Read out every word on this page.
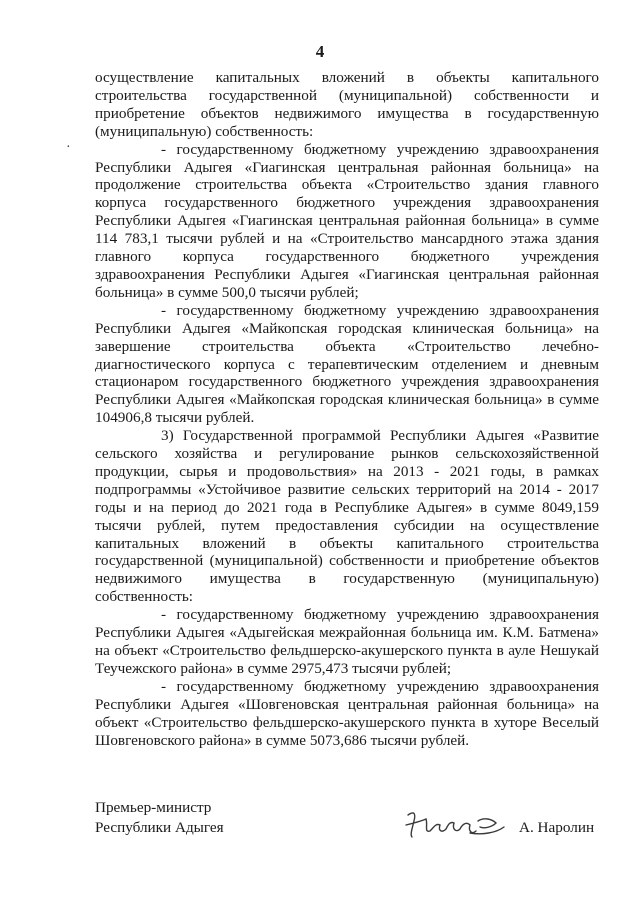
4
·

осуществление капитальных вложений в объекты капитального строительства государственной (муниципальной) собственности и приобретение объектов недвижимого имущества в государственную (муниципальную) собственность:

- государственному бюджетному учреждению здравоохранения Республики Адыгея «Гиагинская центральная районная больница» на продолжение строительства объекта «Строительство здания главного корпуса государственного бюджетного учреждения здравоохранения Республики Адыгея «Гиагинская центральная районная больница» в сумме 114 783,1 тысячи рублей и на «Строительство мансардного этажа здания главного корпуса государственного бюджетного учреждения здравоохранения Республики Адыгея «Гиагинская центральная районная больница» в сумме 500,0 тысячи рублей;

- государственному бюджетному учреждению здравоохранения Республики Адыгея «Майкопская городская клиническая больница» на завершение строительства объекта «Строительство лечебно-диагностического корпуса с терапевтическим отделением и дневным стационаром государственного бюджетного учреждения здравоохранения Республики Адыгея «Майкопская городская клиническая больница» в сумме 104906,8 тысячи рублей.

3) Государственной программой Республики Адыгея «Развитие сельского хозяйства и регулирование рынков сельскохозяйственной продукции, сырья и продовольствия» на 2013 - 2021 годы, в рамках подпрограммы «Устойчивое развитие сельских территорий на 2014 - 2017 годы и на период до 2021 года в Республике Адыгея» в сумме 8049,159 тысячи рублей, путем предоставления субсидии на осуществление капитальных вложений в объекты капитального строительства государственной (муниципальной) собственности и приобретение объектов недвижимого имущества в государственную (муниципальную) собственность:

- государственному бюджетному учреждению здравоохранения Республики Адыгея «Адыгейская межрайонная больница им. К.М. Батмена» на объект «Строительство фельдшерско-акушерского пункта в ауле Нешукай Теучежского района» в сумме 2975,473 тысячи рублей;

- государственному бюджетному учреждению здравоохранения Республики Адыгея «Шовгеновская центральная районная больница» на объект «Строительство фельдшерско-акушерского пункта в хуторе Веселый Шовгеновского района» в сумме 5073,686 тысячи рублей.

Премьер-министр
Республики Адыгея	А. Наролин
